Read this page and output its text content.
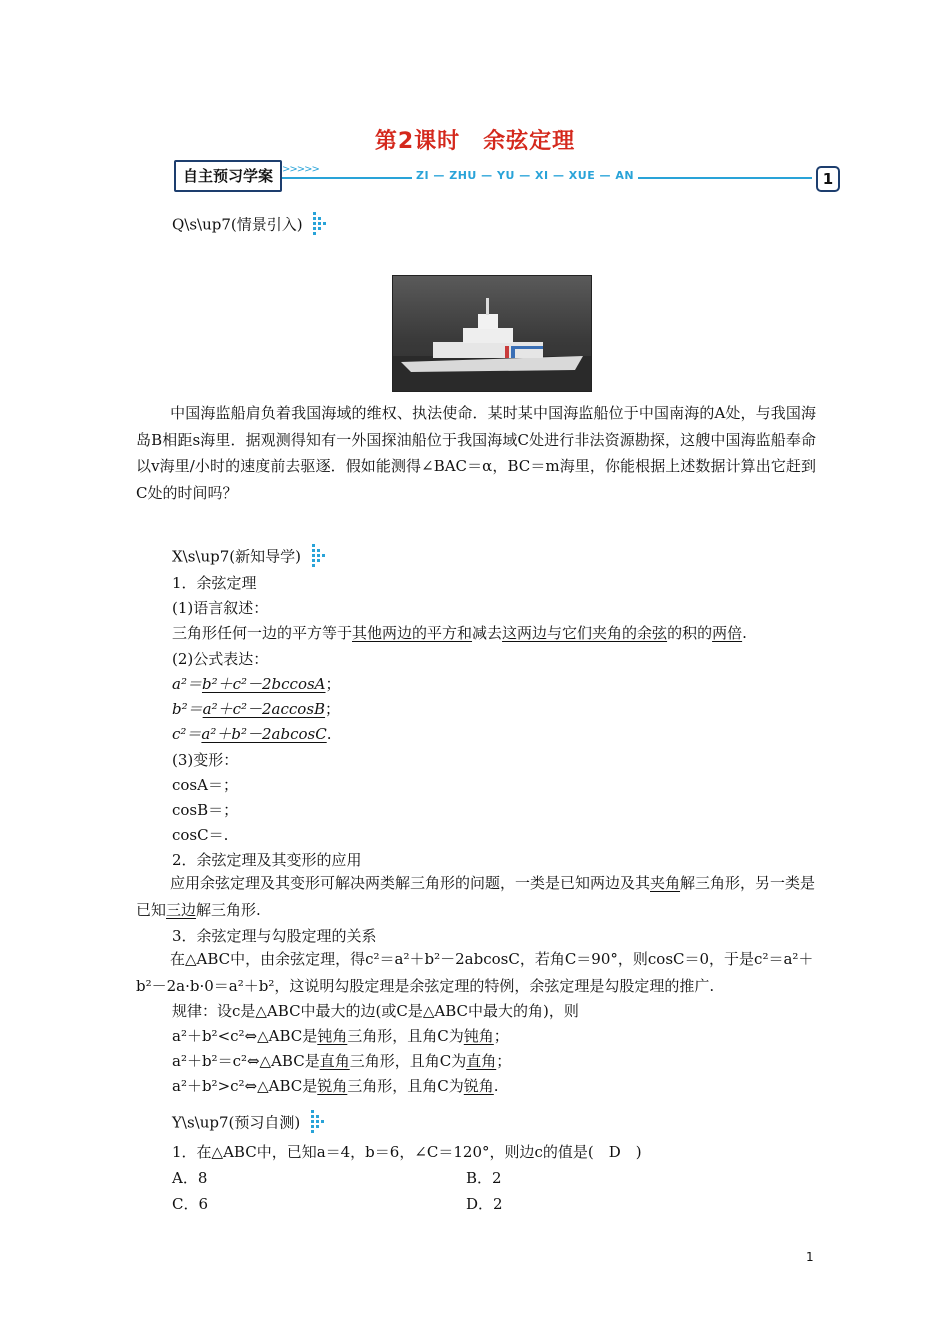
第2课时　余弦定理
自主预习学案 >>>>>	ZI — ZHU — YU — XI — XUE — AN	1
Q\s\up7(情景引入)
中国海监船肩负着我国海域的维权、执法使命．某时某中国海监船位于中国南海的A处，与我国海岛B相距s海里．据观测得知有一外国探油船位于我国海域C处进行非法资源勘探，这艘中国海监船奉命以v海里/小时的速度前去驱逐．假如能测得∠BAC＝α，BC＝m海里，你能根据上述数据计算出它赶到C处的时间吗？
X\s\up7(新知导学)
1．余弦定理
(1)语言叙述：
三角形任何一边的平方等于其他两边的平方和减去这两边与它们夹角的余弦的积的两倍.
(2)公式表达：
a²＝b²＋c²－2bccosA；
b²＝a²＋c²－2accosB；
c²＝a²＋b²－2abcosC.
(3)变形：
cosA＝；
cosB＝；
cosC＝.
2．余弦定理及其变形的应用
应用余弦定理及其变形可解决两类解三角形的问题，一类是已知两边及其夹角解三角形，另一类是已知三边解三角形.
3．余弦定理与勾股定理的关系
在△ABC中，由余弦定理，得c²＝a²＋b²－2abcosC，若角C＝90°，则cosC＝0，于是c²＝a²＋b²－2a·b·0＝a²＋b²，这说明勾股定理是余弦定理的特例，余弦定理是勾股定理的推广.
规律：设c是△ABC中最大的边(或C是△ABC中最大的角)，则
a²＋b²<c²⇔△ABC是钝角三角形，且角C为钝角；
a²＋b²＝c²⇔△ABC是直角三角形，且角C为直角；
a²＋b²>c²⇔△ABC是锐角三角形，且角C为锐角.
Y\s\up7(预习自测)
1．在△ABC中，已知a＝4，b＝6，∠C＝120°，则边c的值是(　D　)
A．8	B．2
C．6	D．2
1
